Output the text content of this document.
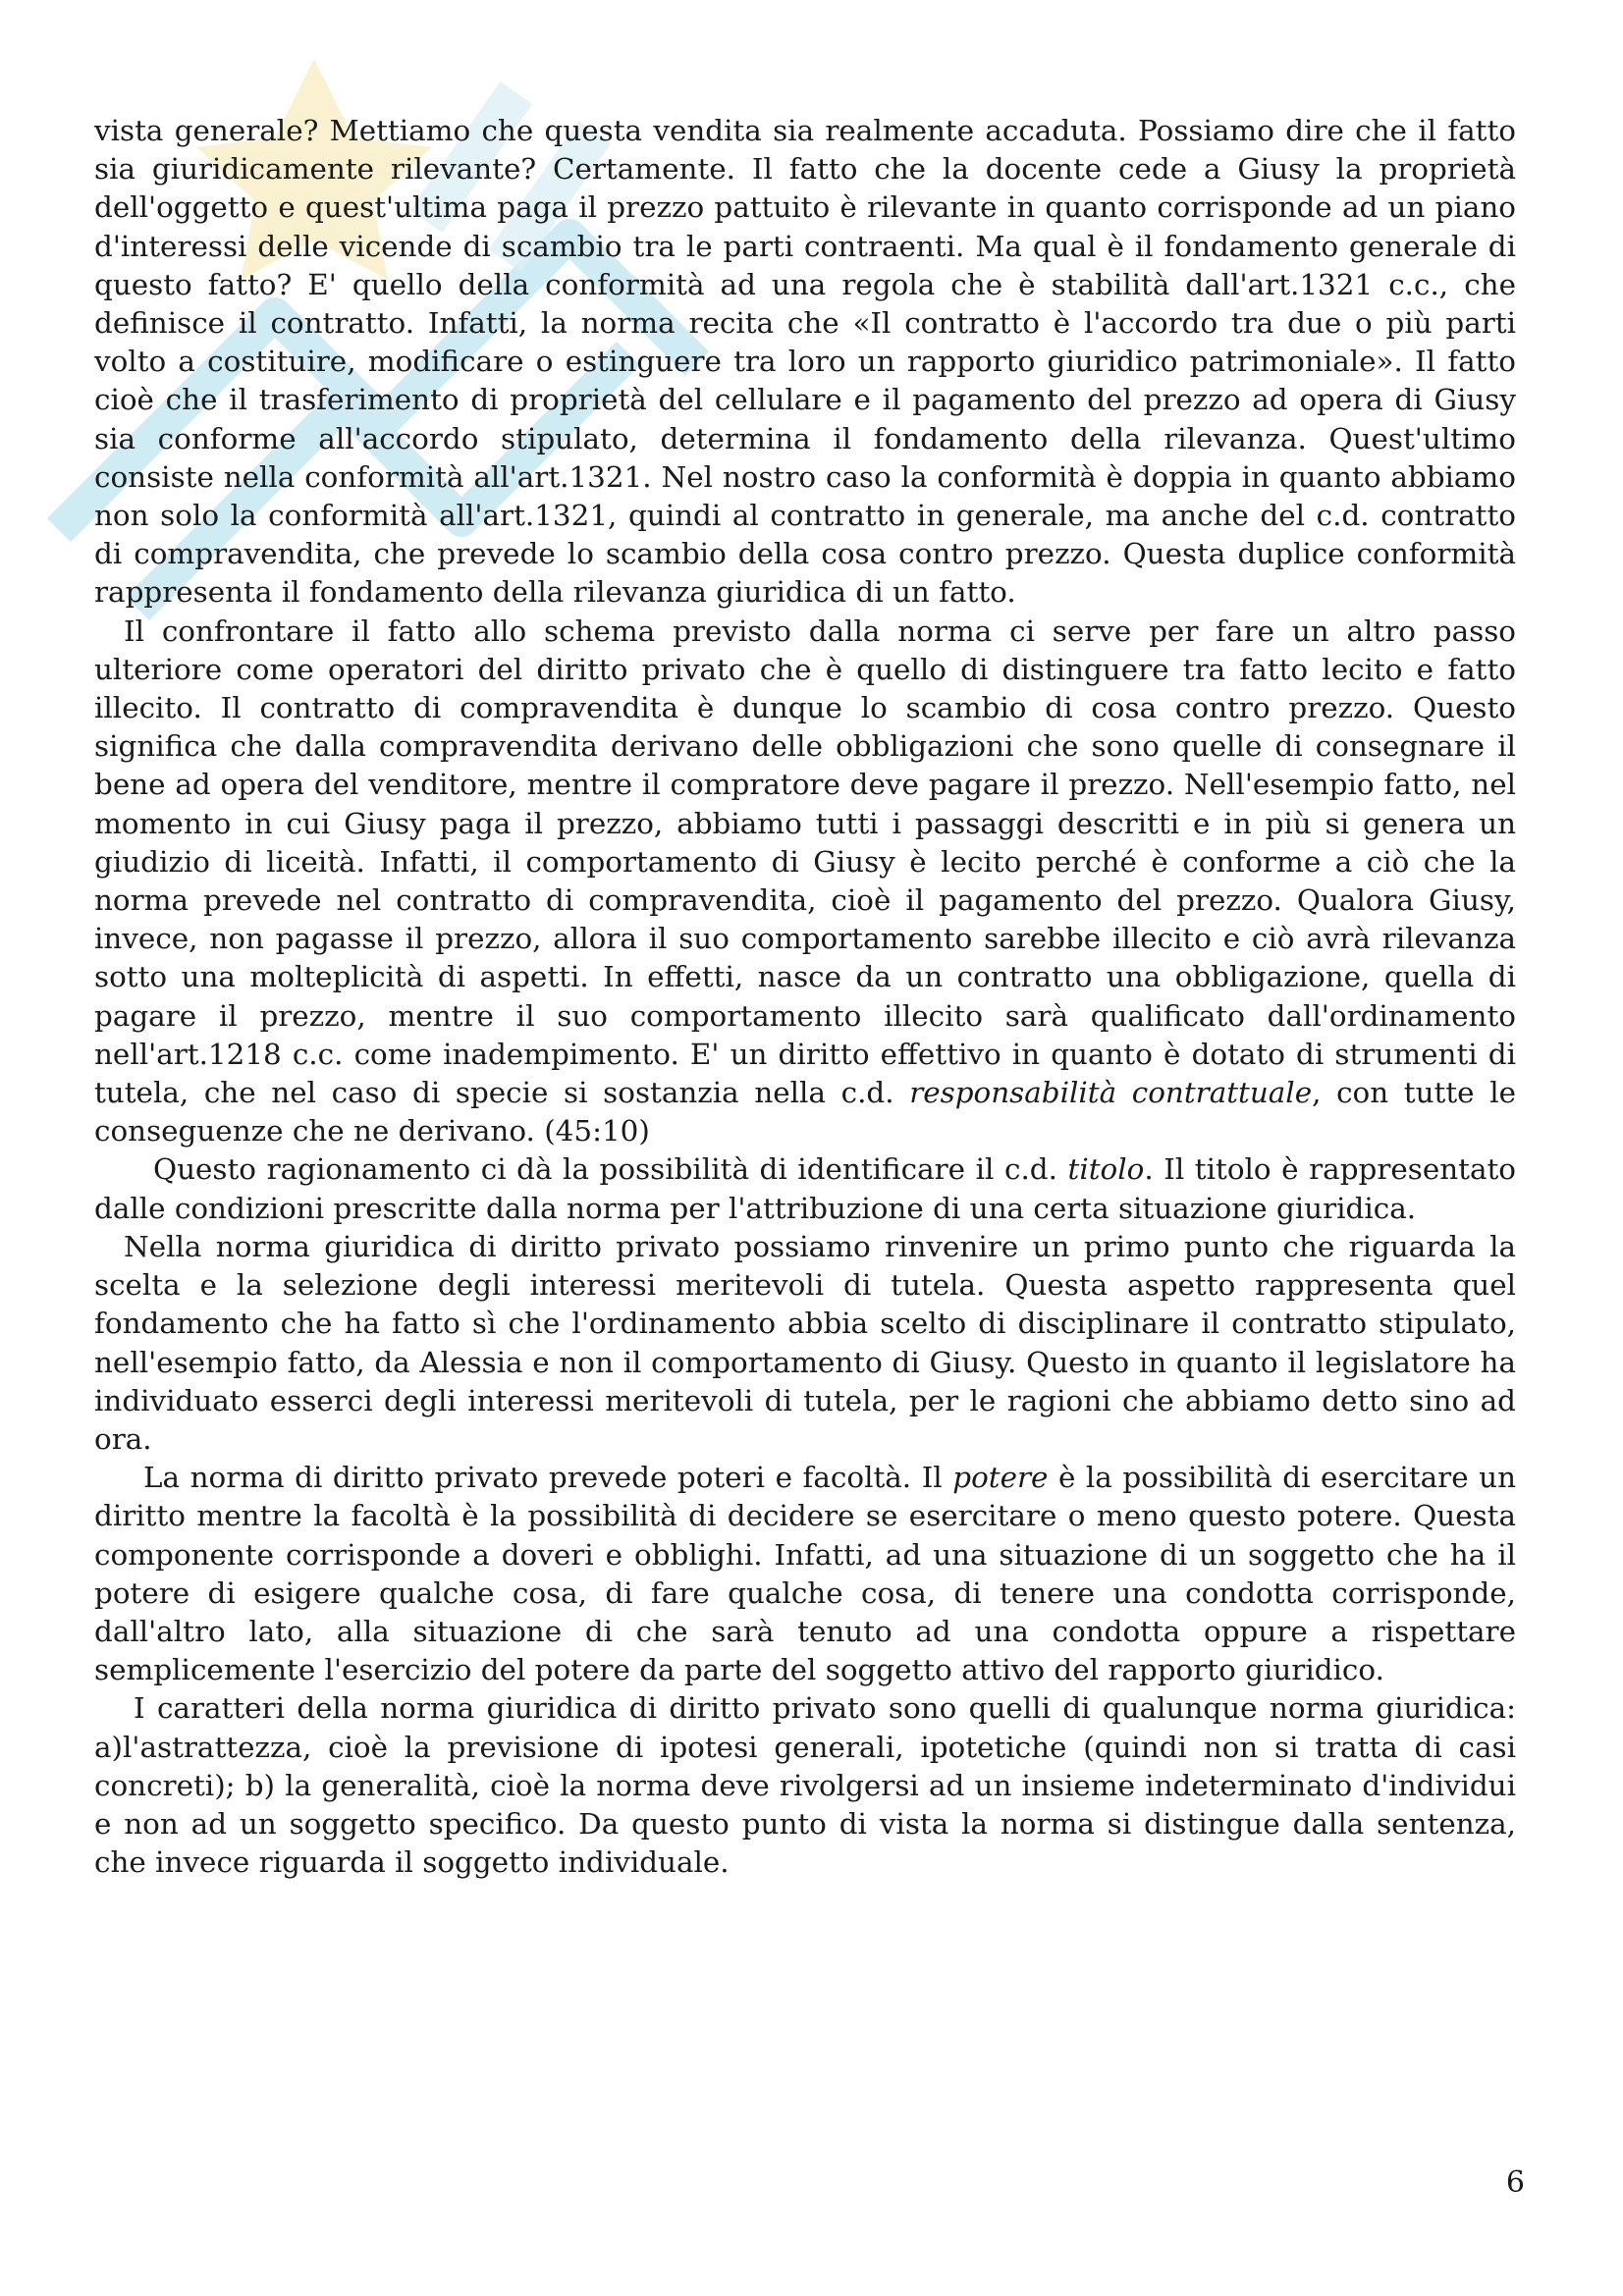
vista generale? Mettiamo che questa vendita sia realmente accaduta. Possiamo dire che il fatto sia giuridicamente rilevante? Certamente. Il fatto che la docente cede a Giusy la proprietà dell'oggetto e quest'ultima paga il prezzo pattuito è rilevante in quanto corrisponde ad un piano d'interessi delle vicende di scambio tra le parti contraenti. Ma qual è il fondamento generale di questo fatto? E' quello della conformità ad una regola che è stabilità dall'art.1321 c.c., che definisce il contratto. Infatti, la norma recita che «Il contratto è l'accordo tra due o più parti volto a costituire, modificare o estinguere tra loro un rapporto giuridico patrimoniale». Il fatto cioè che il trasferimento di proprietà del cellulare e il pagamento del prezzo ad opera di Giusy sia conforme all'accordo stipulato, determina il fondamento della rilevanza. Quest'ultimo consiste nella conformità all'art.1321. Nel nostro caso la conformità è doppia in quanto abbiamo non solo la conformità all'art.1321, quindi al contratto in generale, ma anche del c.d. contratto di compravendita, che prevede lo scambio della cosa contro prezzo. Questa duplice conformità rappresenta il fondamento della rilevanza giuridica di un fatto.

Il confrontare il fatto allo schema previsto dalla norma ci serve per fare un altro passo ulteriore come operatori del diritto privato che è quello di distinguere tra fatto lecito e fatto illecito. Il contratto di compravendita è dunque lo scambio di cosa contro prezzo. Questo significa che dalla compravendita derivano delle obbligazioni che sono quelle di consegnare il bene ad opera del venditore, mentre il compratore deve pagare il prezzo. Nell'esempio fatto, nel momento in cui Giusy paga il prezzo, abbiamo tutti i passaggi descritti e in più si genera un giudizio di liceità. Infatti, il comportamento di Giusy è lecito perché è conforme a ciò che la norma prevede nel contratto di compravendita, cioè il pagamento del prezzo. Qualora Giusy, invece, non pagasse il prezzo, allora il suo comportamento sarebbe illecito e ciò avrà rilevanza sotto una molteplicità di aspetti. In effetti, nasce da un contratto una obbligazione, quella di pagare il prezzo, mentre il suo comportamento illecito sarà qualificato dall'ordinamento nell'art.1218 c.c. come inadempimento. E' un diritto effettivo in quanto è dotato di strumenti di tutela, che nel caso di specie si sostanzia nella c.d. responsabilità contrattuale, con tutte le conseguenze che ne derivano. (45:10)

Questo ragionamento ci dà la possibilità di identificare il c.d. titolo. Il titolo è rappresentato dalle condizioni prescritte dalla norma per l'attribuzione di una certa situazione giuridica.

Nella norma giuridica di diritto privato possiamo rinvenire un primo punto che riguarda la scelta e la selezione degli interessi meritevoli di tutela. Questa aspetto rappresenta quel fondamento che ha fatto sì che l'ordinamento abbia scelto di disciplinare il contratto stipulato, nell'esempio fatto, da Alessia e non il comportamento di Giusy. Questo in quanto il legislatore ha individuato esserci degli interessi meritevoli di tutela, per le ragioni che abbiamo detto sino ad ora.

La norma di diritto privato prevede poteri e facoltà. Il potere è la possibilità di esercitare un diritto mentre la facoltà è la possibilità di decidere se esercitare o meno questo potere. Questa componente corrisponde a doveri e obblighi. Infatti, ad una situazione di un soggetto che ha il potere di esigere qualche cosa, di fare qualche cosa, di tenere una condotta corrisponde, dall'altro lato, alla situazione di che sarà tenuto ad una condotta oppure a rispettare semplicemente l'esercizio del potere da parte del soggetto attivo del rapporto giuridico.

I caratteri della norma giuridica di diritto privato sono quelli di qualunque norma giuridica: a)l'astrattezza, cioè la previsione di ipotesi generali, ipotetiche (quindi non si tratta di casi concreti); b) la generalità, cioè la norma deve rivolgersi ad un insieme indeterminato d'individui e non ad un soggetto specifico. Da questo punto di vista la norma si distingue dalla sentenza, che invece riguarda il soggetto individuale.

6
